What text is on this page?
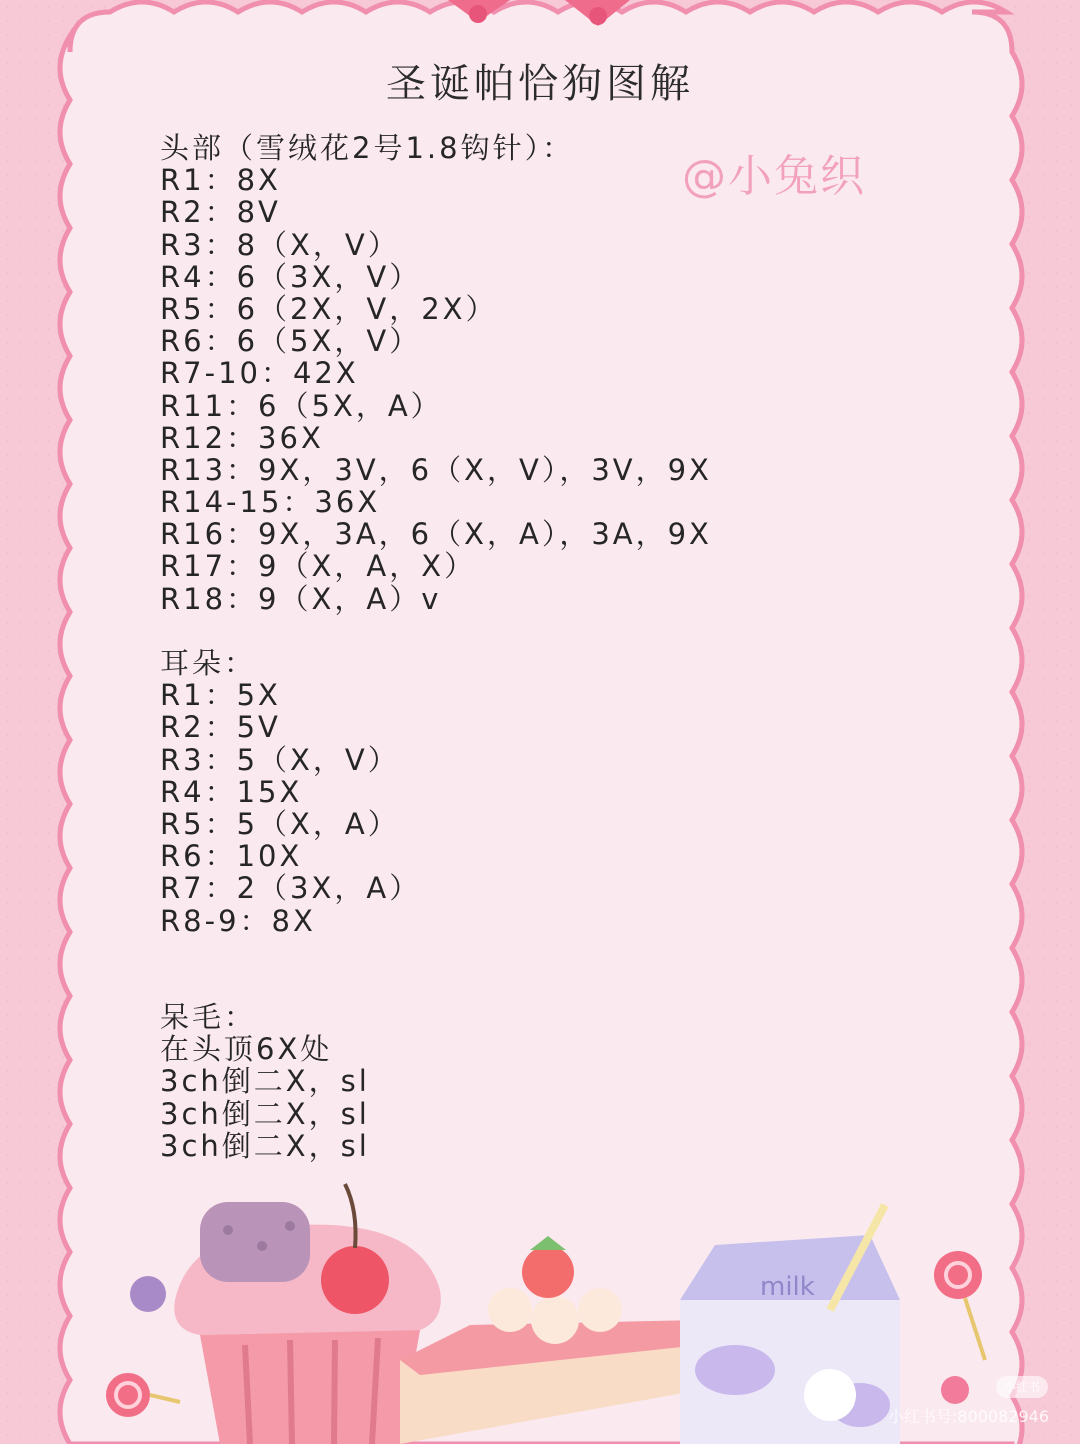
圣诞帕恰狗图解
@小兔织
头部（雪绒花2号1.8钩针）：
R1：8X
R2：8V
R3：8（X，V）
R4：6（3X，V）
R5：6（2X，V，2X）
R6：6（5X，V）
R7-10：42X
R11：6（5X，A）
R12：36X
R13：9X，3V，6（X，V），3V，9X
R14-15：36X
R16：9X，3A，6（X，A），3A，9X
R17：9（X，A，X）
R18：9（X，A）v
耳朵：
R1：5X
R2：5V
R3：5（X，V）
R4：15X
R5：5（X，A）
R6：10X
R7：2（3X，A）
R8-9：8X
呆毛：
在头顶6X处
3ch倒二X，sl
3ch倒二X，sl
3ch倒二X，sl
milk
小红书
小红书号:800082946
